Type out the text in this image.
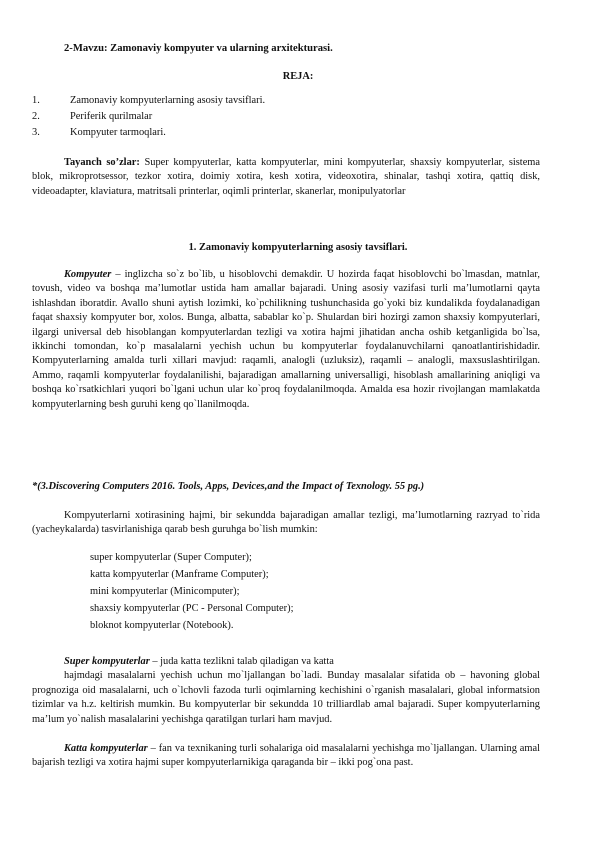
2-Mavzu: Zamonaviy kompyuter va ularning arxitekturasi.
REJA:
1.	Zamonaviy kompyuterlarning asosiy tavsiflari.
2.	Periferik qurilmalar
3.	Kompyuter tarmoqlari.
Tayanch so’zlar: Super kompyuterlar, katta kompyuterlar, mini kompyuterlar, shaxsiy kompyuterlar, sistema blok, mikroprotsessor, tezkor xotira, doimiy xotira, kesh xotira, videoxotira, shinalar, tashqi xotira, qattiq disk, videoadapter, klaviatura, matritsali printerlar, oqimli printerlar, skanerlar, monipulyatorlar
1. Zamonaviy kompyuterlarning asosiy tavsiflari.
Kompyuter – inglizcha so`z bo`lib, u hisoblovchi demakdir. U hozirda faqat hisoblovchi bo`lmasdan, matnlar, tovush, video va boshqa ma’lumotlar ustida ham amallar bajaradi. Uning asosiy vazifasi turli ma’lumotlarni qayta ishlashdan iboratdir. Avallo shuni aytish lozimki, ko`pchilikning tushunchasida go`yoki biz kundalikda foydalanadigan faqat shaxsiy kompyuter bor, xolos. Bunga, albatta, sabablar ko`p. Shulardan biri hozirgi zamon shaxsiy kompyuterlari, ilgargi universal deb hisoblangan kompyuterlardan tezligi va xotira hajmi jihatidan ancha oshib ketganligida bo`lsa, ikkinchi tomondan, ko`p masalalarni yechish uchun bu kompyuterlar foydalanuvchilarni qanoatlantirishidadir. Kompyuterlarning amalda turli xillari mavjud: raqamli, analogli (uzluksiz), raqamli – analogli, maxsuslashtirilgan. Ammo, raqamli kompyuterlar foydalanilishi, bajaradigan amallarning universalligi, hisoblash amallarining aniqligi va boshqa ko`rsatkichlari yuqori bo`lgani uchun ular ko`proq foydalanilmoqda. Amalda esa hozir rivojlangan mamlakatda kompyuterlarning besh guruhi keng qo`llanilmoqda.
*(3.Discovering Computers 2016. Tools, Apps, Devices,and the Impact of Texnology. 55 pg.)
Kompyuterlarni xotirasining hajmi, bir sekundda bajaradigan amallar tezligi, ma’lumotlarning razryad to`rida (yacheykalarda) tasvirlanishiga qarab besh guruhga bo`lish mumkin:
super kompyuterlar (Super Computer);
katta kompyuterlar (Manframe Computer);
mini kompyuterlar (Minicomputer);
shaxsiy kompyuterlar (PC - Personal Computer);
bloknot kompyuterlar (Notebook).
Super kompyuterlar – juda katta tezlikni talab qiladigan va katta
hajmdagi masalalarni yechish uchun mo`ljallangan bo`ladi. Bunday masalalar sifatida ob – havoning global prognoziga oid masalalarni, uch o`lchovli fazoda turli oqimlarning kechishini o`rganish masalalari, global informatsion tizimlar va h.z. keltirish mumkin. Bu kompyuterlar bir sekundda 10 trilliardlab amal bajaradi. Super kompyuterlarning ma’lum yo`nalish masalalarini yechishga qaratilgan turlari ham mavjud.
Katta kompyuterlar – fan va texnikaning turli sohalariga oid masalalarni yechishga mo`ljallangan. Ularning amal bajarish tezligi va xotira hajmi super kompyuterlarnikiga qaraganda bir – ikki pog`ona past.
